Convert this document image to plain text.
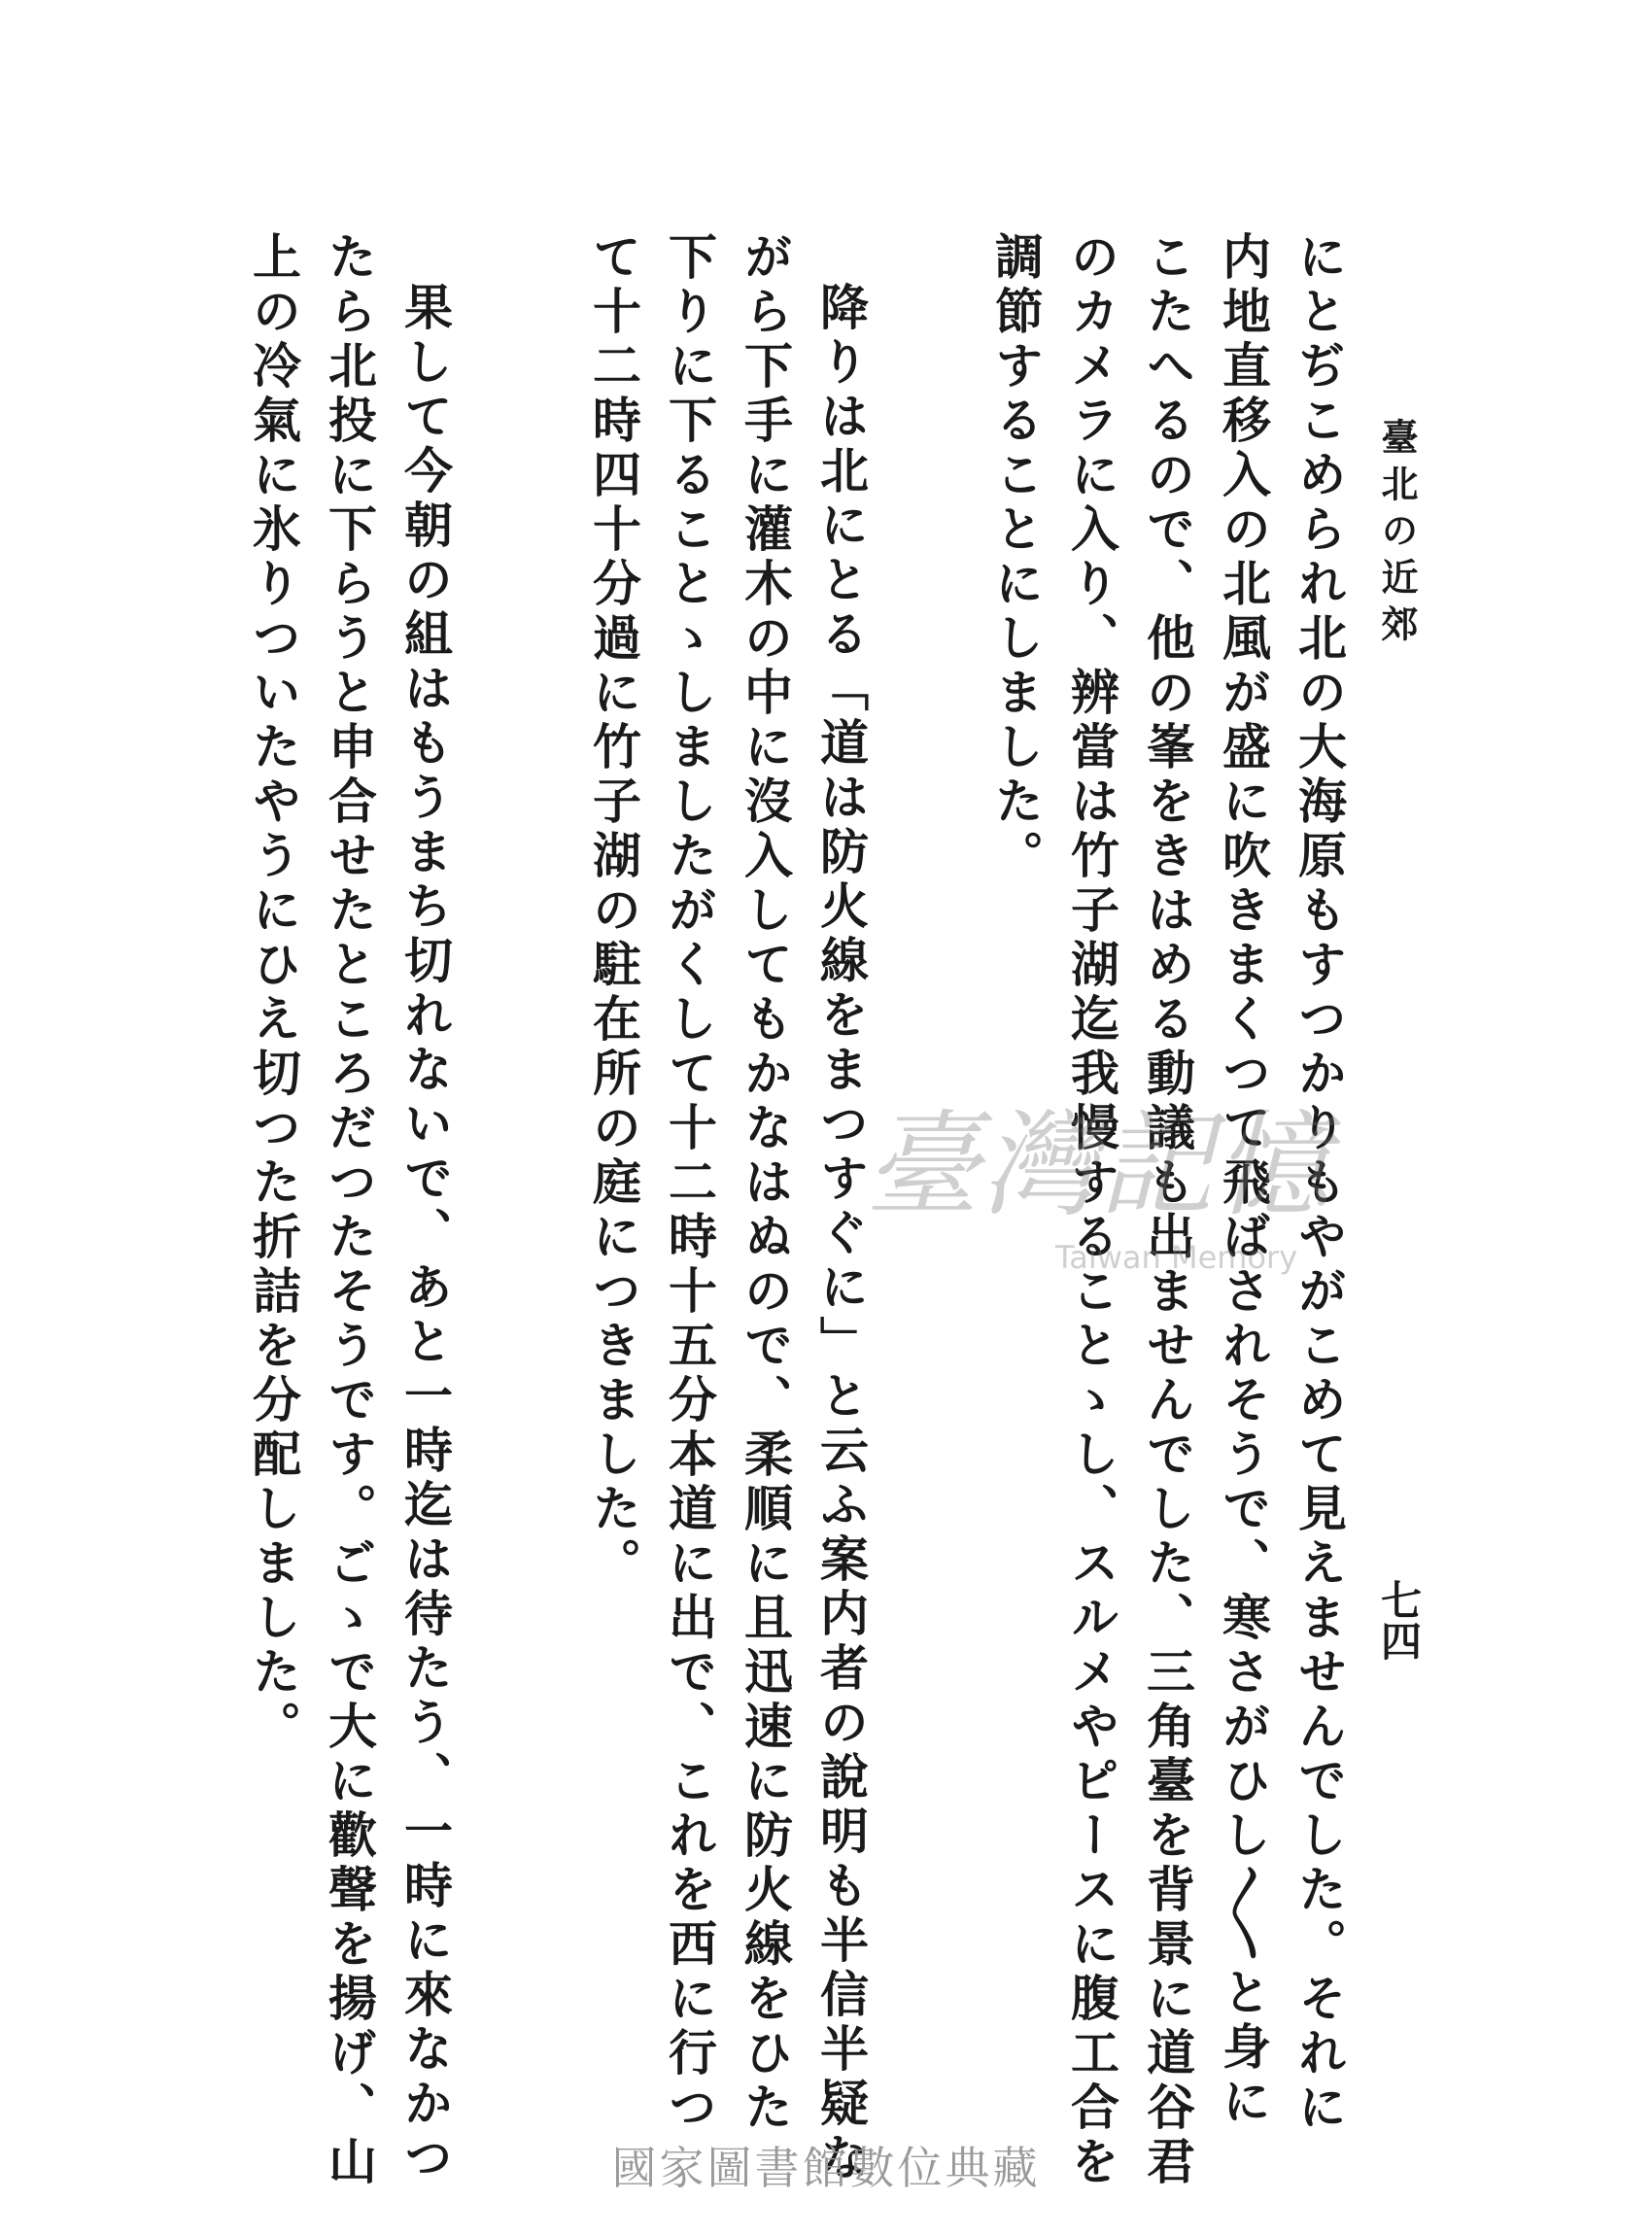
臺北の近郊
七四
にとぢこめられ北の大海原もすつかりもやがこめて見えませんでした。それに
内地直移入の北風が盛に吹きまくつて飛ばされそうで、寒さがひし〳〵と身に
こたへるので、他の峯をきはめる動議も出ませんでした、三角臺を背景に道谷君
のカメラに入り、辨當は竹子湖迄我慢することゝし、スルメやピースに腹工合を
調節することにしました。
降りは北にとる「道は防火線をまつすぐに」と云ふ案内者の說明も半信半疑な
がら下手に灌木の中に沒入してもかなはぬので、柔順に且迅速に防火線をひた
下りに下ることゝしましたがくして十二時十五分本道に出で、これを西に行つ
て十二時四十分過に竹子湖の駐在所の庭につきました。
果して今朝の組はもうまち切れないで、あと一時迄は待たう、一時に來なかつ
たら北投に下らうと申合せたところだつたそうです。ごゝで大に歡聲を揚げ、山
上の冷氣に氷りついたやうにひえ切つた折詰を分配しました。	臺灣記憶
Taiwan Memory
國家圖書館數位典藏
